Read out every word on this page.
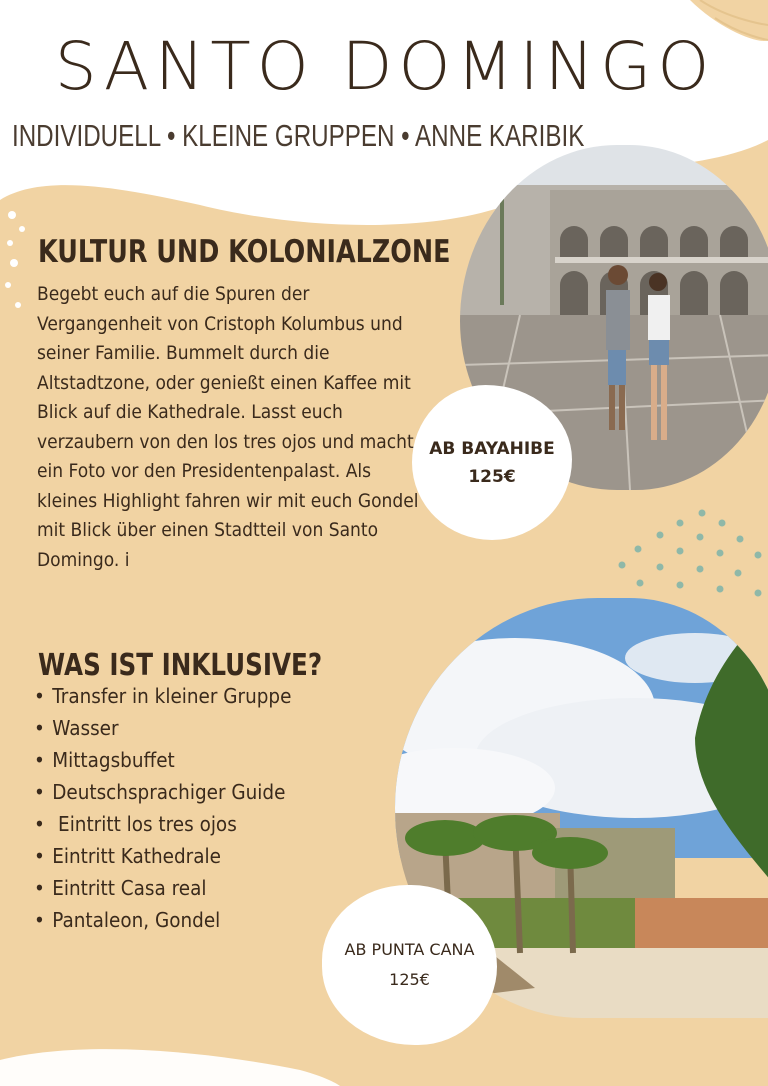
SANTO DOMINGO
INDIVIDUELL • KLEINE GRUPPEN • ANNE KARIBIK
KULTUR UND KOLONIALZONE
Begebt euch auf die Spuren der Vergangenheit von Cristoph Kolumbus und seiner Familie. Bummelt durch die Altstadtzone, oder genießt einen Kaffee mit Blick auf die Kathedrale. Lasst euch verzaubern von den los tres ojos und macht ein Foto vor den Presidentenpalast. Als kleines Highlight fahren wir mit euch Gondel mit Blick über einen Stadtteil von Santo Domingo. i
AB BAYAHIBE
125€
WAS IST INKLUSIVE?
• Transfer in kleiner Gruppe
• Wasser
• Mittagsbuffet
• Deutschsprachiger Guide
• Eintritt los tres ojos
• Eintritt Kathedrale
• Eintritt Casa real
• Pantaleon, Gondel
AB PUNTA CANA
125€
